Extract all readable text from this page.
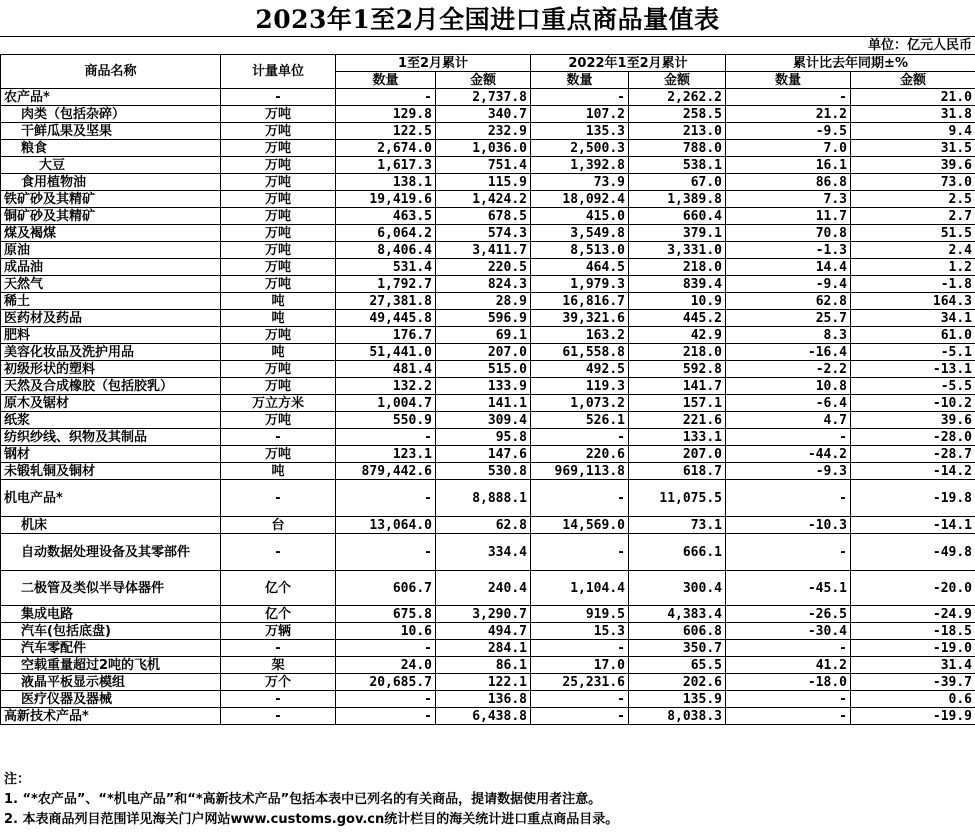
2023年1至2月全国进口重点商品量值表
单位：亿元人民币
商品名称	计量单位	1至2月累计		2022年1至2月累计		累计比去年同期±%	
		数量	金额	数量	金额	数量	金额
农产品*	-	-	2,737.8	-	2,262.2	-	21.0
肉类（包括杂碎）	万吨	129.8	340.7	107.2	258.5	21.2	31.8
干鲜瓜果及坚果	万吨	122.5	232.9	135.3	213.0	-9.5	9.4
粮食	万吨	2,674.0	1,036.0	2,500.3	788.0	7.0	31.5
大豆	万吨	1,617.3	751.4	1,392.8	538.1	16.1	39.6
食用植物油	万吨	138.1	115.9	73.9	67.0	86.8	73.0
铁矿砂及其精矿	万吨	19,419.6	1,424.2	18,092.4	1,389.8	7.3	2.5
铜矿砂及其精矿	万吨	463.5	678.5	415.0	660.4	11.7	2.7
煤及褐煤	万吨	6,064.2	574.3	3,549.8	379.1	70.8	51.5
原油	万吨	8,406.4	3,411.7	8,513.0	3,331.0	-1.3	2.4
成品油	万吨	531.4	220.5	464.5	218.0	14.4	1.2
天然气	万吨	1,792.7	824.3	1,979.3	839.4	-9.4	-1.8
稀土	吨	27,381.8	28.9	16,816.7	10.9	62.8	164.3
医药材及药品	吨	49,445.8	596.9	39,321.6	445.2	25.7	34.1
肥料	万吨	176.7	69.1	163.2	42.9	8.3	61.0
美容化妆品及洗护用品	吨	51,441.0	207.0	61,558.8	218.0	-16.4	-5.1
初级形状的塑料	万吨	481.4	515.0	492.5	592.8	-2.2	-13.1
天然及合成橡胶（包括胶乳）	万吨	132.2	133.9	119.3	141.7	10.8	-5.5
原木及锯材	万立方米	1,004.7	141.1	1,073.2	157.1	-6.4	-10.2
纸浆	万吨	550.9	309.4	526.1	221.6	4.7	39.6
纺织纱线、织物及其制品	-	-	95.8	-	133.1	-	-28.0
钢材	万吨	123.1	147.6	220.6	207.0	-44.2	-28.7
未锻轧铜及铜材	吨	879,442.6	530.8	969,113.8	618.7	-9.3	-14.2
机电产品*	-	-	8,888.1	-	11,075.5	-	-19.8
机床	台	13,064.0	62.8	14,569.0	73.1	-10.3	-14.1
自动数据处理设备及其零部件	-	-	334.4	-	666.1	-	-49.8
二极管及类似半导体器件	亿个	606.7	240.4	1,104.4	300.4	-45.1	-20.0
集成电路	亿个	675.8	3,290.7	919.5	4,383.4	-26.5	-24.9
汽车(包括底盘)	万辆	10.6	494.7	15.3	606.8	-30.4	-18.5
汽车零配件	-	-	284.1	-	350.7	-	-19.0
空载重量超过2吨的飞机	架	24.0	86.1	17.0	65.5	41.2	31.4
液晶平板显示模组	万个	20,685.7	122.1	25,231.6	202.6	-18.0	-39.7
医疗仪器及器械	-	-	136.8	-	135.9	-	0.6
高新技术产品*	-	-	6,438.8	-	8,038.3	-	-19.9
注：
1. “*农产品”、“*机电产品”和“*高新技术产品”包括本表中已列名的有关商品，提请数据使用者注意。
2. 本表商品列目范围详见海关门户网站www.customs.gov.cn统计栏目的海关统计进口重点商品目录。
